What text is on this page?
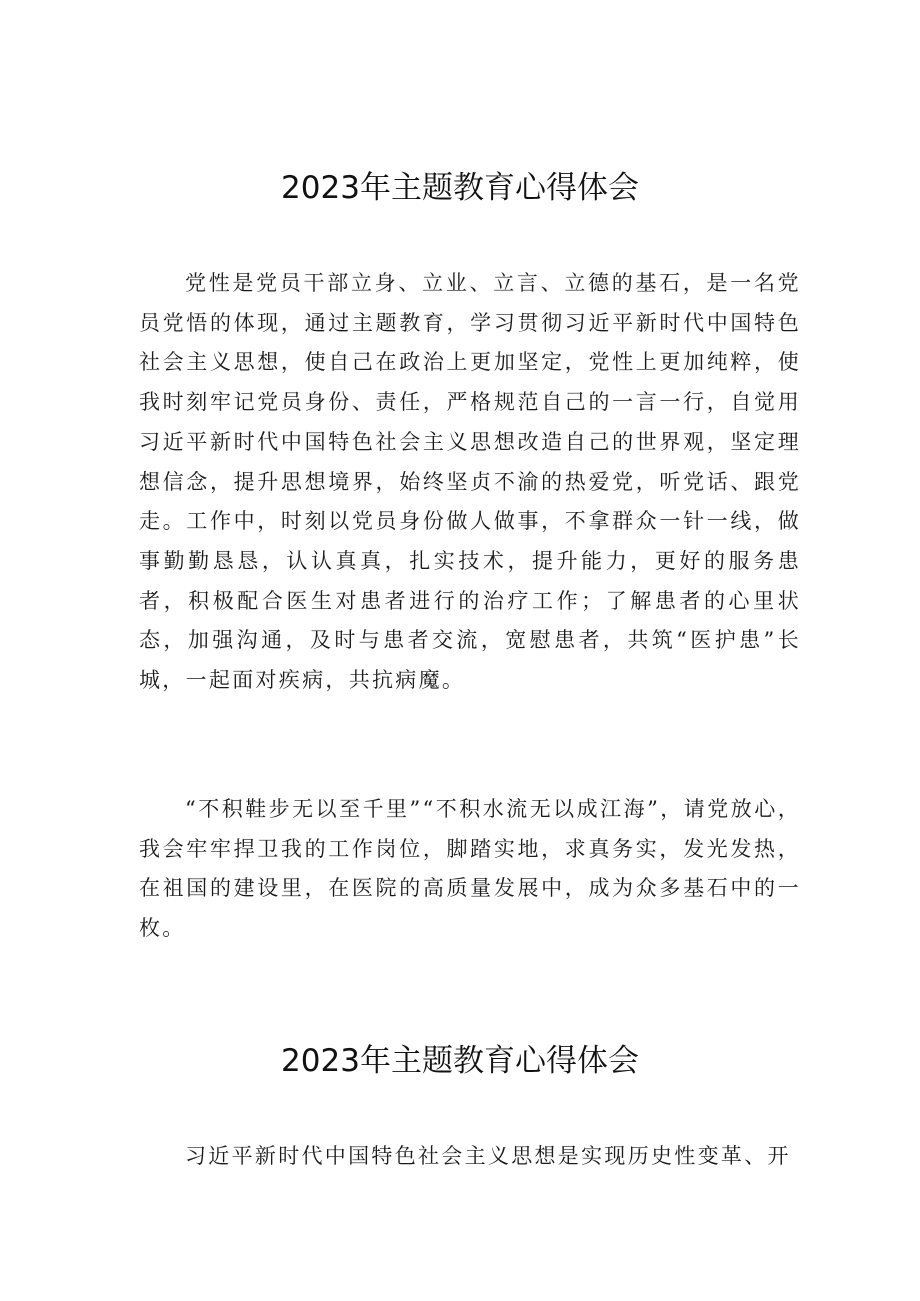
2023年主题教育心得体会

党性是党员干部立身、立业、立言、立德的基石，是一名党员党悟的体现，通过主题教育，学习贯彻习近平新时代中国特色社会主义思想，使自己在政治上更加坚定，党性上更加纯粹，使我时刻牢记党员身份、责任，严格规范自己的一言一行，自觉用习近平新时代中国特色社会主义思想改造自己的世界观，坚定理想信念，提升思想境界，始终坚贞不渝的热爱党，听党话、跟党走。工作中，时刻以党员身份做人做事，不拿群众一针一线，做事勤勤恳恳，认认真真，扎实技术，提升能力，更好的服务患者，积极配合医生对患者进行的治疗工作；了解患者的心里状态，加强沟通，及时与患者交流，宽慰患者，共筑“医护患”长城，一起面对疾病，共抗病魔。

“不积鞋步无以至千里”“不积水流无以成江海”，请党放心，我会牢牢捍卫我的工作岗位，脚踏实地，求真务实，发光发热，在祖国的建设里，在医院的高质量发展中，成为众多基石中的一枚。

2023年主题教育心得体会

习近平新时代中国特色社会主义思想是实现历史性变革、开
